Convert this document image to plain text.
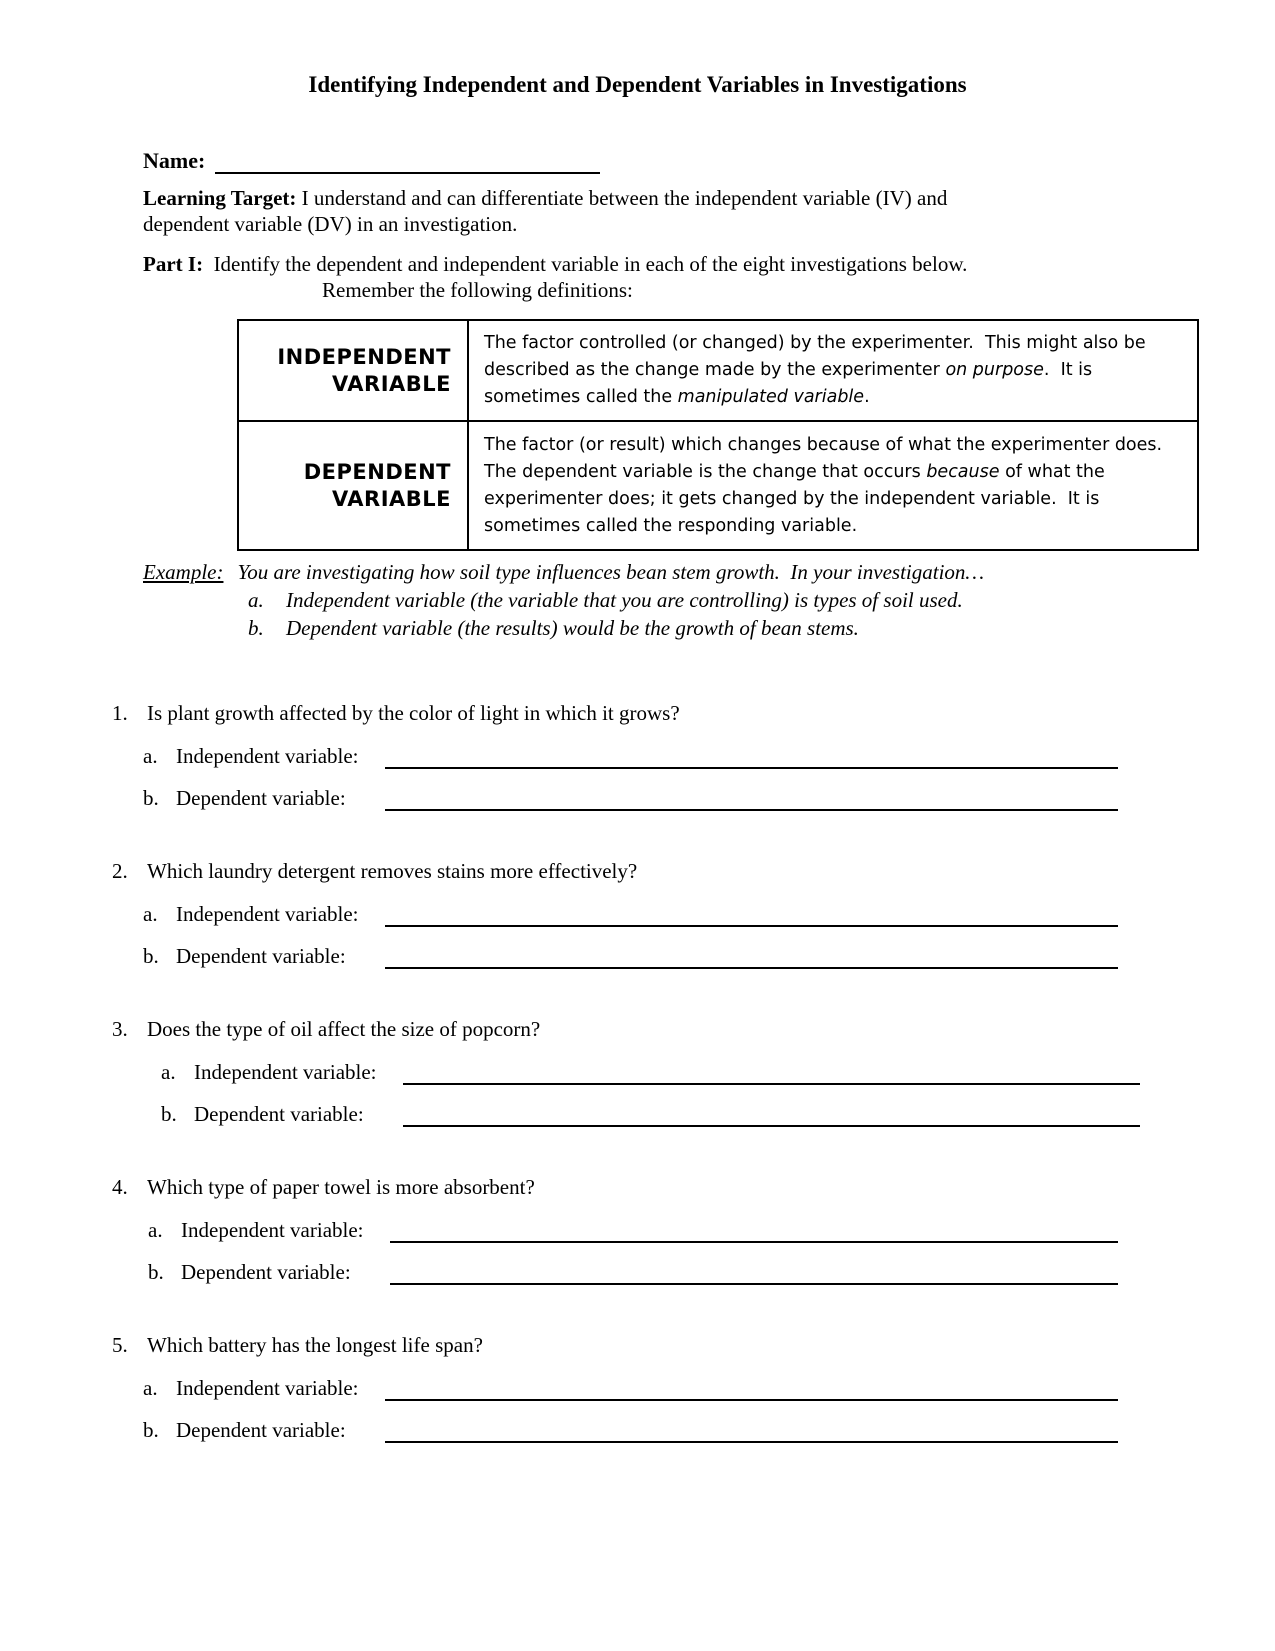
Identifying Independent and Dependent Variables in Investigations
Name:

Learning Target: I understand and can differentiate between the independent variable (IV) and dependent variable (DV) in an investigation.

Part I: Identify the dependent and independent variable in each of the eight investigations below.

Remember the following definitions:

INDEPENDENT VARIABLE	The factor controlled (or changed) by the experimenter.  This might also be described as the change made by the experimenter on purpose.  It is sometimes called the manipulated variable.
DEPENDENT VARIABLE	The factor (or result) which changes because of what the experimenter does.  The dependent variable is the change that occurs because of what the experimenter does; it gets changed by the independent variable.  It is sometimes called the responding variable.
Example: You are investigating how soil type influences bean stem growth.  In your investigation…
a.	Independent variable (the variable that you are controlling) is types of soil used.
b.	Dependent variable (the results) would be the growth of bean stems.
1. Is plant growth affected by the color of light in which it grows?
a. Independent variable:
b. Dependent variable:
2. Which laundry detergent removes stains more effectively?
a. Independent variable:
b. Dependent variable:
3. Does the type of oil affect the size of popcorn?
a. Independent variable:
b. Dependent variable:
4. Which type of paper towel is more absorbent?
a. Independent variable:
b. Dependent variable:
5. Which battery has the longest life span?
a. Independent variable:
b. Dependent variable:
